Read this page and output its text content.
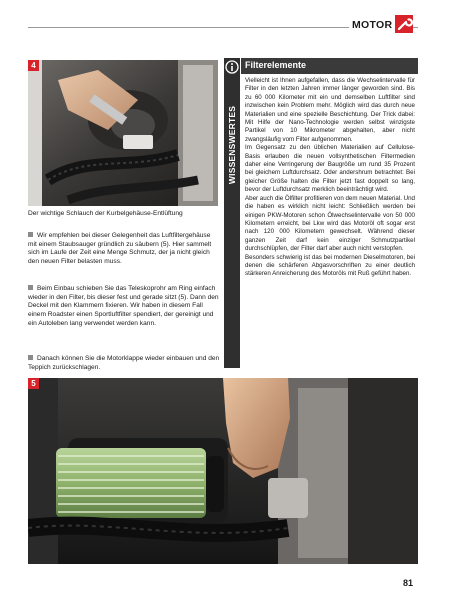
MOTOR
4
Der wichtige Schlauch der Kurbelgehäuse-Entlüftung
Wir empfehlen bei dieser Gelegenheit das Luftfiltergehäuse mit einem Staubsauger gründlich zu säubern (5). Hier sammelt sich im Laufe der Zeit eine Menge Schmutz, der ja nicht gleich den neuen Filter belasten muss.
Beim Einbau schieben Sie das Teleskoprohr am Ring einfach wieder in den Filter, bis dieser fest und gerade sitzt (5). Dann den Deckel mit den Klammern fixieren. Wir haben in diesem Fall einem Roadster einen Sportluftfilter spendiert, der gereinigt und ein Autoleben lang verwendet werden kann.
Danach können Sie die Motorklappe wieder einbauen und den Teppich zurückschlagen.
WISSENSWERTES
Filterelemente

Vielleicht ist Ihnen aufgefallen, dass die Wechselintervalle für Filter in den letzten Jahren immer länger geworden sind. Bis zu 60 000 Kilometer mit ein und demselben Luftfilter sind inzwischen kein Problem mehr. Möglich wird das durch neue Materialien und eine spezielle Beschichtung. Der Trick dabei: Mit Hilfe der Nano-Technologie werden selbst winzigste Partikel von 10 Mikrometer abgehalten, aber nicht zwangsläufig vom Filter aufgenommen.

Im Gegensatz zu den üblichen Materialien auf Cellulose-Basis erlauben die neuen vollsynthetischen Filtermedien daher eine Verringerung der Baugröße um rund 35 Prozent bei gleichem Luftdurchsatz. Oder andershrum betrachtet: Bei gleicher Größe halten die Filter jetzt fast doppelt so lang, bevor der Luftdurchsatz merklich beeinträchtigt wird.

Aber auch die Ölfilter profitieren von dem neuen Material. Und die haben es wirklich nicht leicht: Schließlich werden bei einigen PKW-Motoren schon Ölwechselintervalle von 50 000 Kilometern erreicht, bei Lkw wird das Motoröl oft sogar erst nach 120 000 Kilometern gewechselt. Während dieser ganzen Zeit darf kein einziger Schmutzpartikel durchschlüpfen, der Filter darf aber auch nicht verstopfen.

Besonders schwierig ist das bei modernen Dieselmotoren, bei denen die schärferen Abgasvorschriften zu einer deutlich stärkeren Anreicherung des Motoröls mit Ruß geführt haben.

5
81
